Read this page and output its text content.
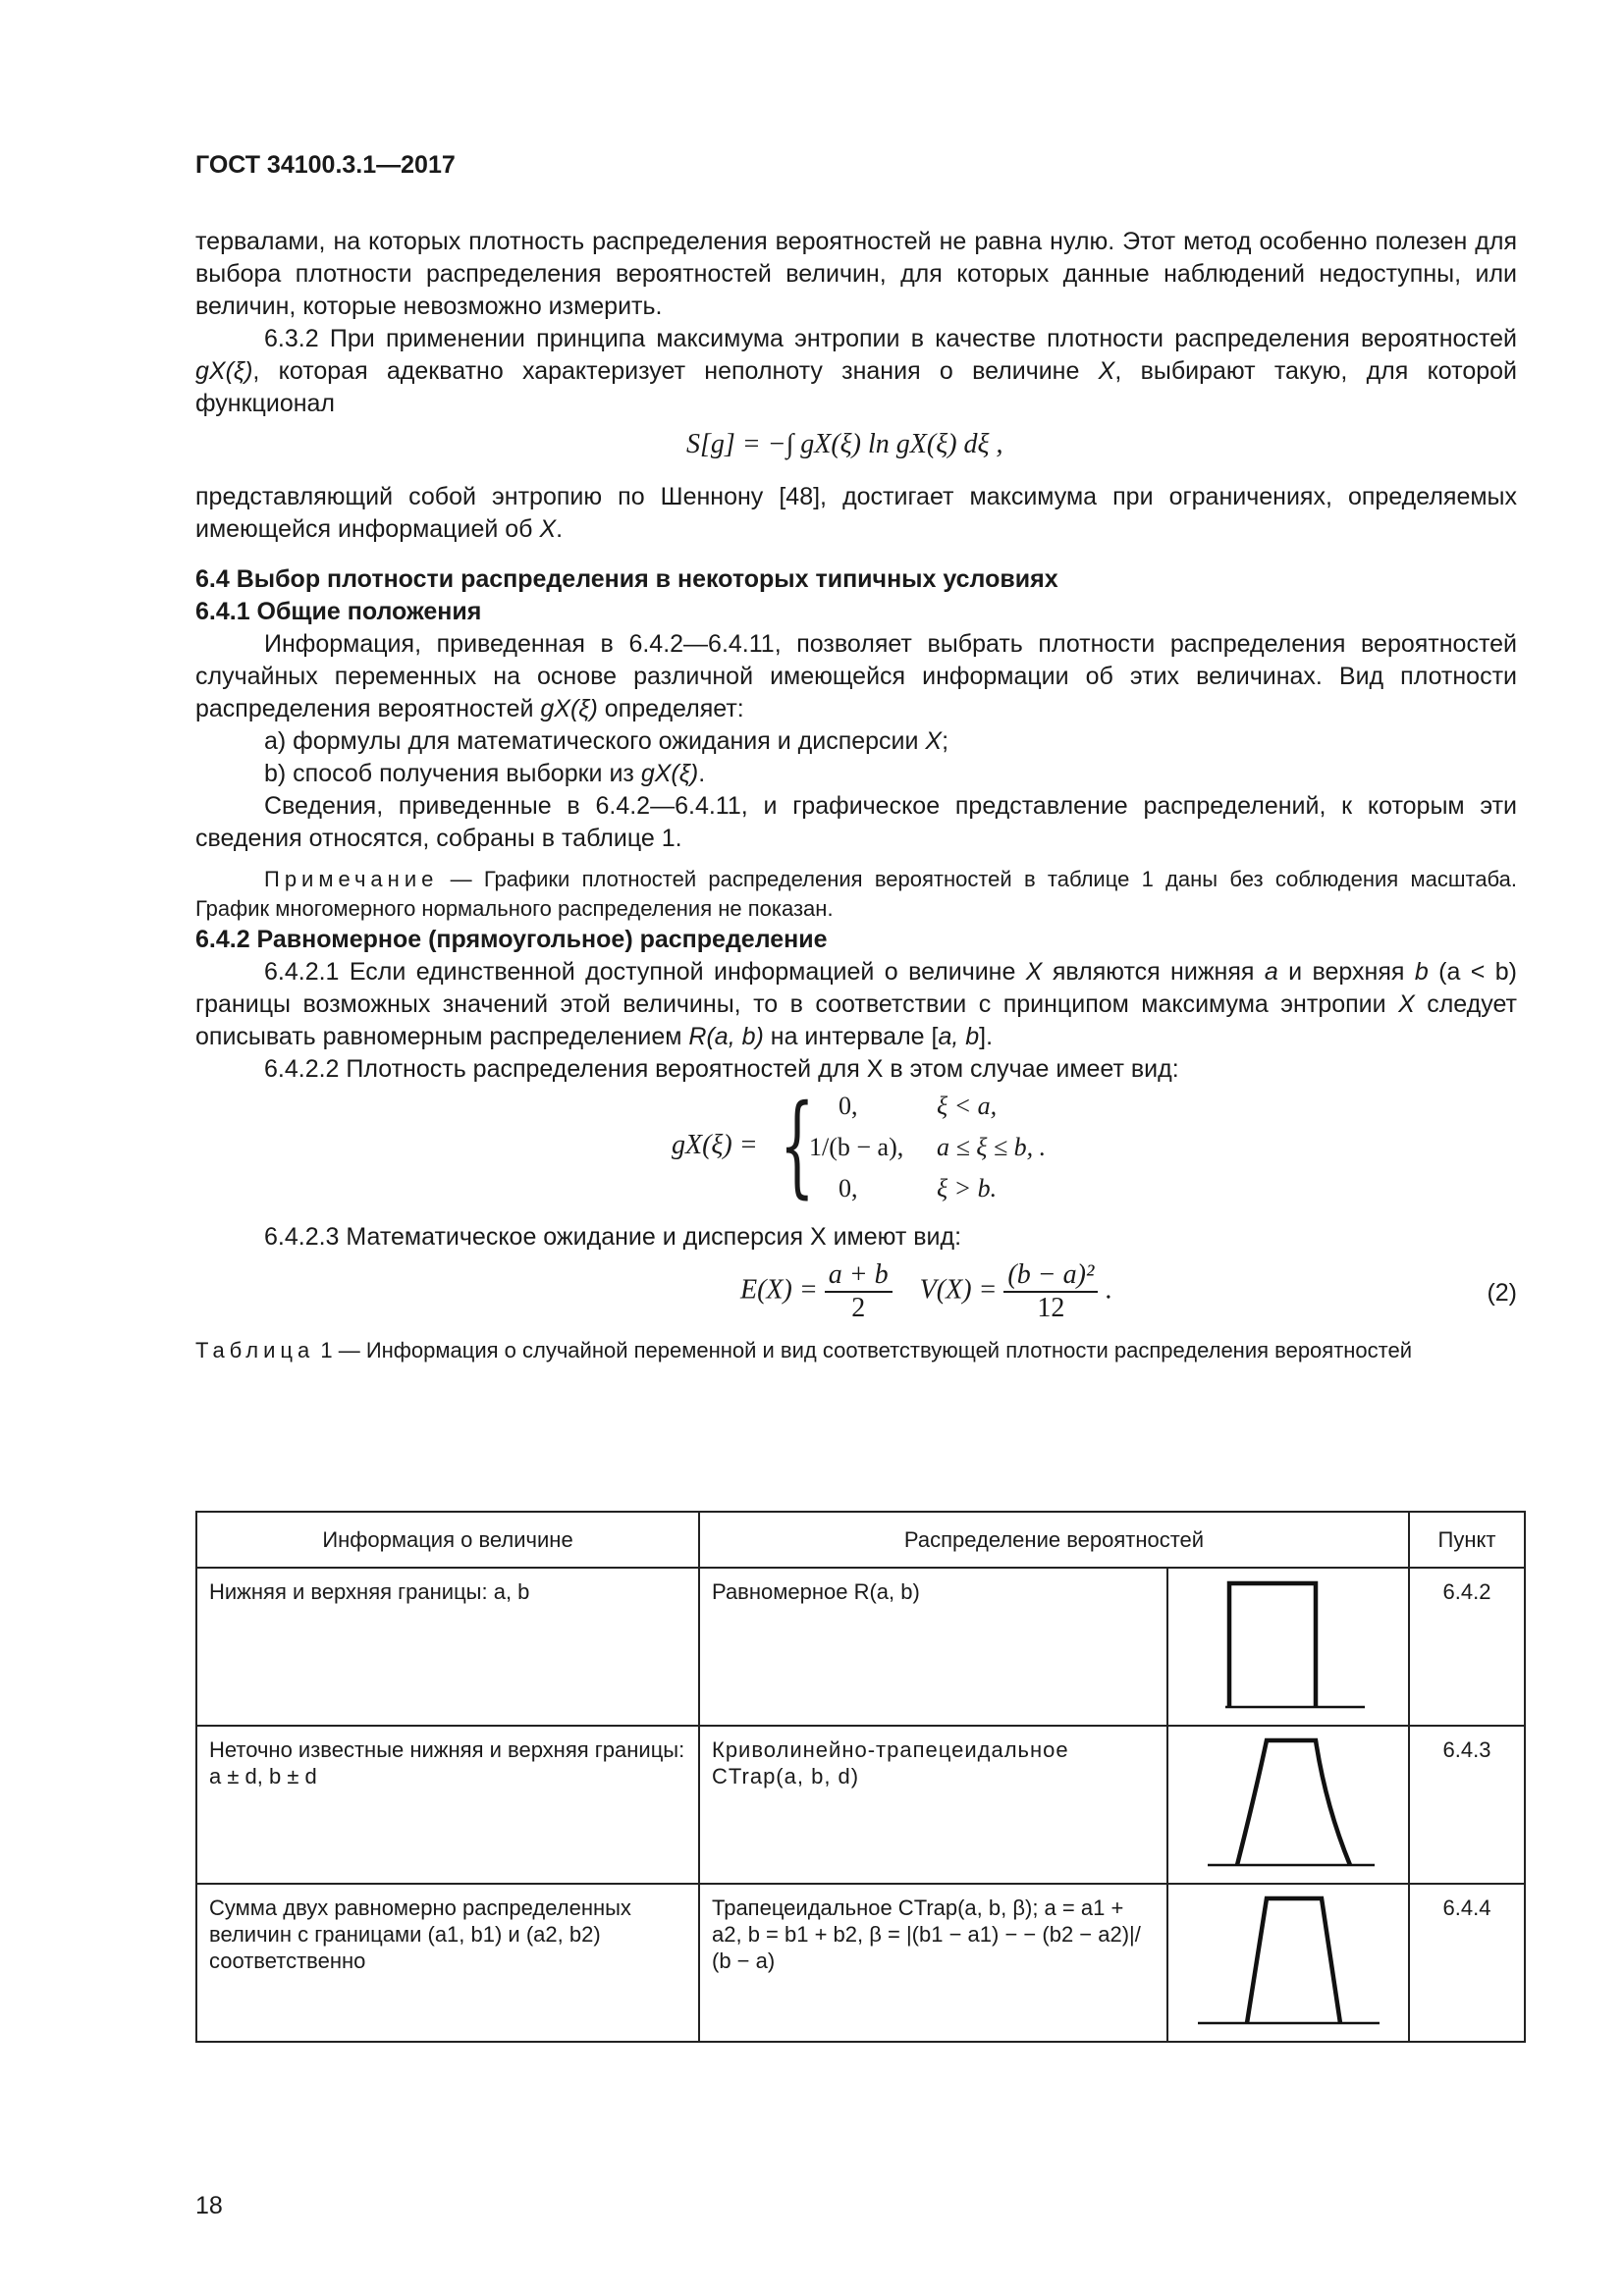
ГОСТ 34100.3.1—2017

тервалами, на которых плотность распределения вероятностей не равна нулю. Этот метод особенно полезен для выбора плотности распределения вероятностей величин, для которых данные наблюдений недоступны, или величин, которые невозможно измерить.

6.3.2 При применении принципа максимума энтропии в качестве плотности распределения вероятностей gX(ξ), которая адекватно характеризует неполноту знания о величине X, выбирают такую, для которой функционал

S[g] = −∫ gX(ξ) ln gX(ξ) dξ ,

представляющий собой энтропию по Шеннону [48], достигает максимума при ограничениях, определяемых имеющейся информацией об X.

6.4 Выбор плотности распределения в некоторых типичных условиях

6.4.1 Общие положения

Информация, приведенная в 6.4.2—6.4.11, позволяет выбрать плотности распределения вероятностей случайных переменных на основе различной имеющейся информации об этих величинах. Вид плотности распределения вероятностей gX(ξ) определяет:

a) формулы для математического ожидания и дисперсии X;

b) способ получения выборки из gX(ξ).

Сведения, приведенные в 6.4.2—6.4.11, и графическое представление распределений, к которым эти сведения относятся, собраны в таблице 1.

Примечание — Графики плотностей распределения вероятностей в таблице 1 даны без соблюдения масштаба. График многомерного нормального распределения не показан.

6.4.2 Равномерное (прямоугольное) распределение

6.4.2.1 Если единственной доступной информацией о величине X являются нижняя a и верхняя b (a < b) границы возможных значений этой величины, то в соответствии с принципом максимума энтропии X следует описывать равномерным распределением R(a, b) на интервале [a, b].

6.4.2.2 Плотность распределения вероятностей для X в этом случае имеет вид:

gX(ξ) = { 0,	ξ < a,
1/(b − a), a ≤ ξ ≤ b, .
0,	ξ > b.

6.4.2.3 Математическое ожидание и дисперсия X имеют вид:

$E(X) = \frac{a + b}{2} V(X) = \frac{\text{(b − a)²}}{12}$ .	(2)

Таблица 1 — Информация о случайной переменной и вид соответствующей плотности распределения вероятностей

Информация о величине	Распределение вероятностей		Пункт
Нижняя и верхняя границы: a, b	Равномерное R(a, b)		6.4.2
Неточно известные нижняя и верхняя границы: a ± d, b ± d	Криволинейно-трапецеидальное CTrap(a, b, d)		6.4.3
Сумма двух равномерно распределенных величин с границами (a1, b1) и (a2, b2) соответственно	Трапецеидальное CTrap(a, b, β); a = a1 + a2, b = b1 + b2, β = |(b1 − a1) − − (b2 − a2)|/ (b − a)		6.4.4
18
